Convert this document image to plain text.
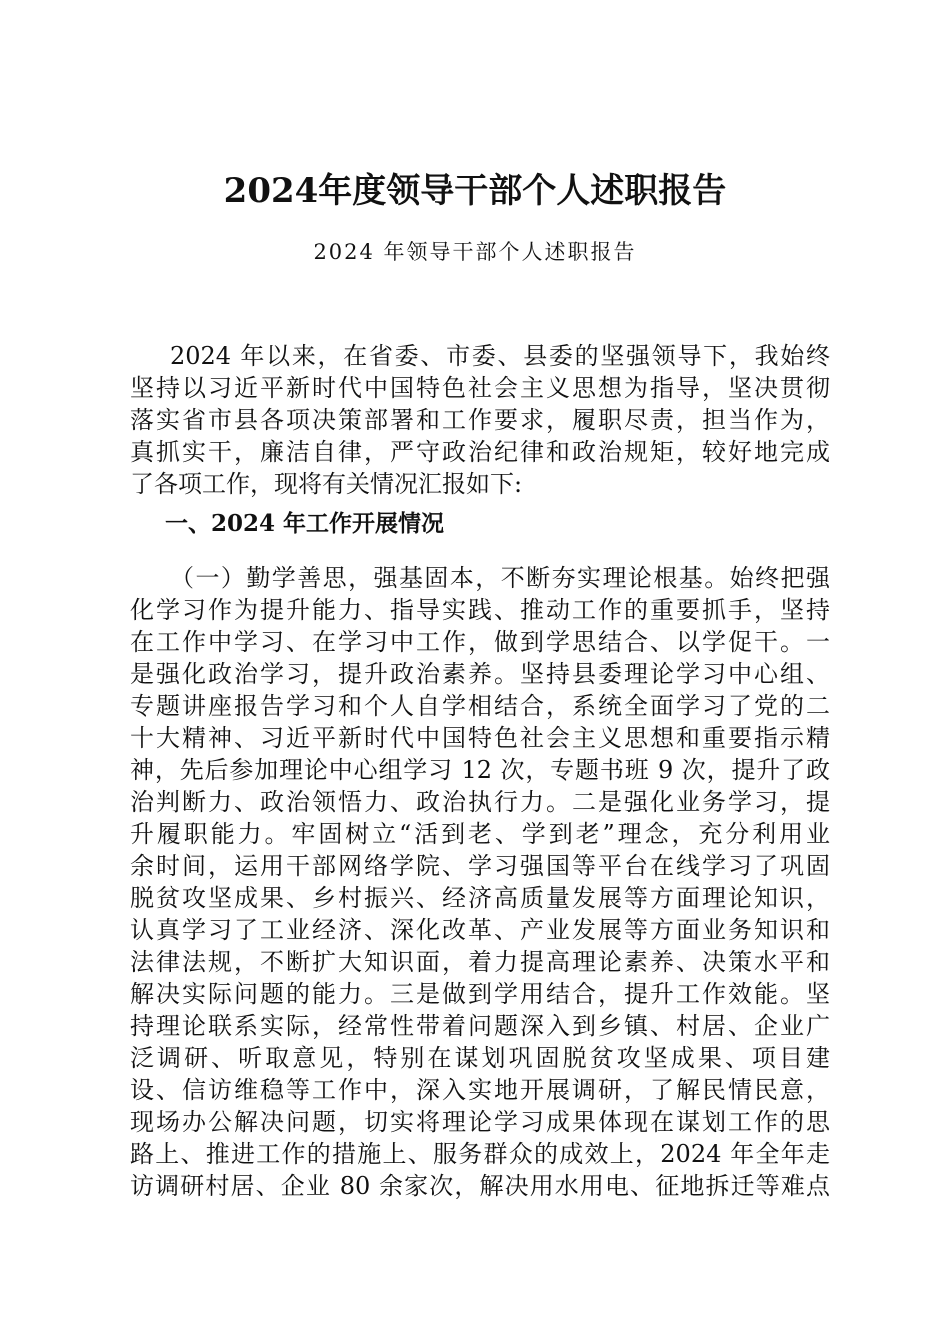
2024年度领导干部个人述职报告
2024 年领导干部个人述职报告
2024 年以来，在省委、市委、县委的坚强领导下，我始终
坚持以习近平新时代中国特色社会主义思想为指导，坚决贯彻
落实省市县各项决策部署和工作要求，履职尽责，担当作为，
真抓实干，廉洁自律，严守政治纪律和政治规矩，较好地完成
了各项工作，现将有关情况汇报如下:
一、2024 年工作开展情况
（一）勤学善思，强基固本，不断夯实理论根基。始终把强
化学习作为提升能力、指导实践、推动工作的重要抓手，坚持
在工作中学习、在学习中工作，做到学思结合、以学促干。一
是强化政治学习，提升政治素养。坚持县委理论学习中心组、
专题讲座报告学习和个人自学相结合，系统全面学习了党的二
十大精神、习近平新时代中国特色社会主义思想和重要指示精
神，先后参加理论中心组学习 12 次，专题书班 9 次，提升了政
治判断力、政治领悟力、政治执行力。二是强化业务学习，提
升履职能力。牢固树立“活到老、学到老”理念，充分利用业
余时间，运用干部网络学院、学习强国等平台在线学习了巩固
脱贫攻坚成果、乡村振兴、经济高质量发展等方面理论知识，
认真学习了工业经济、深化改革、产业发展等方面业务知识和
法律法规，不断扩大知识面，着力提高理论素养、决策水平和
解决实际问题的能力。三是做到学用结合，提升工作效能。坚
持理论联系实际，经常性带着问题深入到乡镇、村居、企业广
泛调研、听取意见，特别在谋划巩固脱贫攻坚成果、项目建
设、信访维稳等工作中，深入实地开展调研，了解民情民意，
现场办公解决问题，切实将理论学习成果体现在谋划工作的思
路上、推进工作的措施上、服务群众的成效上，2024 年全年走
访调研村居、企业 80 余家次，解决用水用电、征地拆迁等难点
